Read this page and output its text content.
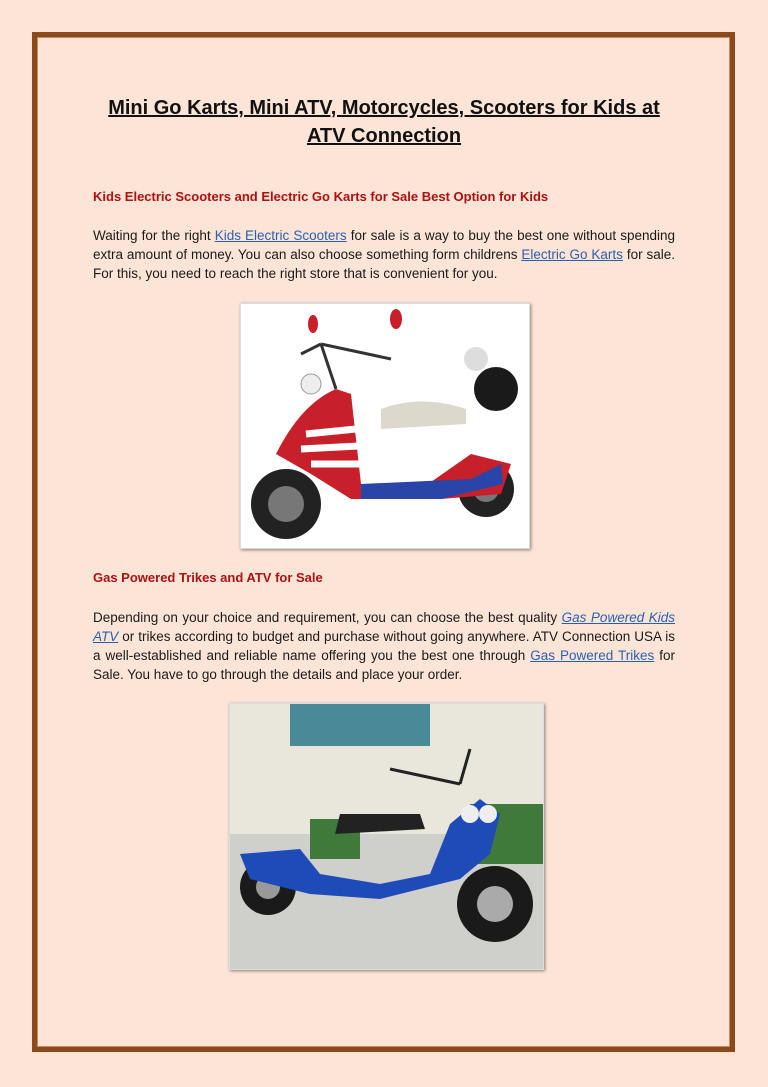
Mini Go Karts, Mini ATV, Motorcycles, Scooters for Kids at ATV Connection
Kids Electric Scooters and Electric Go Karts for Sale Best Option for Kids
Waiting for the right Kids Electric Scooters for sale is a way to buy the best one without spending extra amount of money. You can also choose something form childrens Electric Go Karts for sale. For this, you need to reach the right store that is convenient for you.
Gas Powered Trikes and ATV for Sale
Depending on your choice and requirement, you can choose the best quality Gas Powered Kids ATV or trikes according to budget and purchase without going anywhere. ATV Connection USA is a well-established and reliable name offering you the best one through Gas Powered Trikes for Sale. You have to go through the details and place your order.
